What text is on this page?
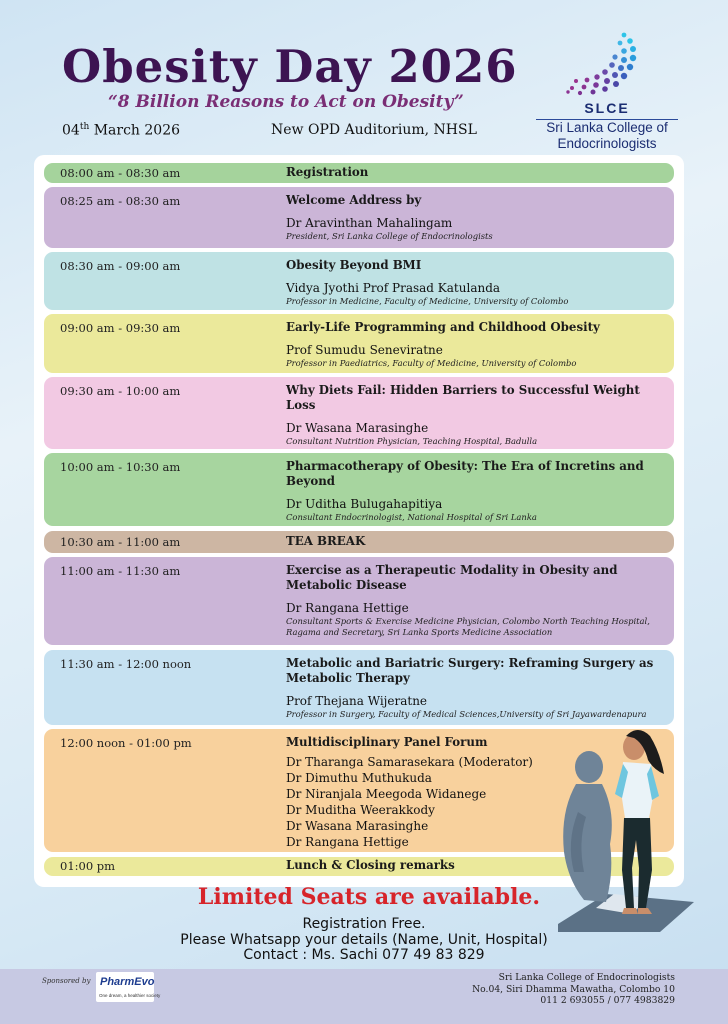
Obesity Day 2026
“8 Billion Reasons to Act on Obesity”
04th March 2026	New OPD Auditorium, NHSL
SLCE
Sri Lanka College of
Endocrinologists
08:00 am - 08:30 am	Registration
08:25 am - 08:30 am	Welcome Address by
Dr Aravinthan Mahalingam
President, Sri Lanka College of Endocrinologists
08:30 am - 09:00 am	Obesity Beyond BMI
Vidya Jyothi Prof Prasad Katulanda
Professor in Medicine, Faculty of Medicine, University of Colombo
09:00 am - 09:30 am	Early-Life Programming and Childhood Obesity
Prof Sumudu Seneviratne
Professor in Paediatrics, Faculty of Medicine, University of Colombo
09:30 am - 10:00 am	Why Diets Fail: Hidden Barriers to Successful Weight Loss
Dr Wasana Marasinghe
Consultant Nutrition Physician, Teaching Hospital, Badulla
10:00 am - 10:30 am	Pharmacotherapy of Obesity: The Era of Incretins and Beyond
Dr Uditha Bulugahapitiya
Consultant Endocrinologist, National Hospital of Sri Lanka
10:30 am - 11:00 am	TEA BREAK
11:00 am - 11:30 am	Exercise as a Therapeutic Modality in Obesity and Metabolic Disease
Dr Rangana Hettige
Consultant Sports & Exercise Medicine Physician, Colombo North Teaching Hospital, Ragama and Secretary, Sri Lanka Sports Medicine Association
11:30 am - 12:00 noon	Metabolic and Bariatric Surgery: Reframing Surgery as Metabolic Therapy
Prof Thejana Wijeratne
Professor in Surgery, Faculty of Medical Sciences,University of Sri Jayawardenapura
12:00 noon - 01:00 pm	Multidisciplinary Panel Forum
Dr Tharanga Samarasekara (Moderator)
Dr Dimuthu Muthukuda
Dr Niranjala Meegoda Widanege
Dr Muditha Weerakkody
Dr Wasana Marasinghe
Dr Rangana Hettige
01:00 pm	Lunch & Closing remarks
Limited Seats are available.
Registration Free.
Please Whatsapp your details (Name, Unit, Hospital)
Contact : Ms. Sachi 077 49 83 829
Sponsored by PharmEvo
One dream, a healthier society
Sri Lanka College of Endocrinologists
No.04, Siri Dhamma Mawatha, Colombo 10
011 2 693055 / 077 4983829
